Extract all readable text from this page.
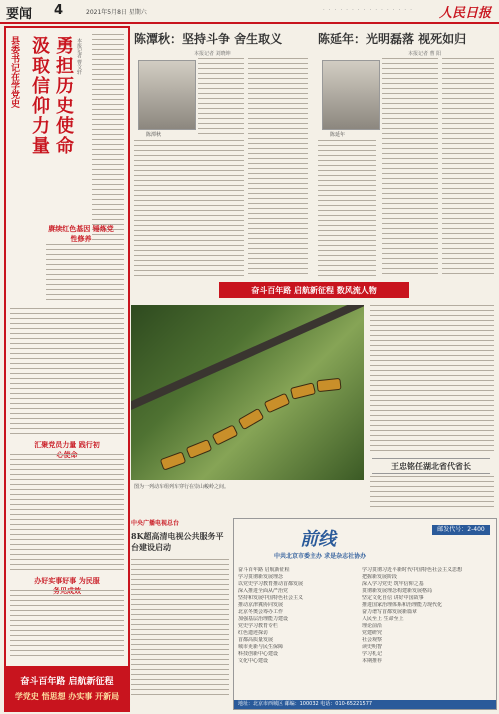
要闻 4	2021年5月8日 星期六	· · · · · · · · · · · · · · · · 人民日报
县委书记在学党史 汲取信仰力量 勇担历史使命 本报记者 曹文轩
赓续红色基因 锤炼党性修养
汇聚党员力量 践行初
办好实事好事 为民服
奋斗百年路 启航新征程
学党史 悟思想 办实事 开新局
陈潭秋：坚持斗争 舍生取义
本报记者 刘晓坤
陈潭秋
陈延年：光明磊落 视死如归
本报记者 曹 阳
陈延年
奋斗百年路 启航新征程 数风流人物
图为一列动车组列车穿行在崇山峻岭之间。
王忠铭任湖北省代省长
中央广播电视总台
8K超高清电视公共服务平台建设启动	前线	邮发代号：2-400
中共北京市委主办 求是杂志社协办
奋斗百年路 启航新征程
学习贯彻新发展理念
以党史学习教育推动首都发展
深入推进全面从严治党
坚持和发展中国特色社会主义
推动京津冀协同发展
北京冬奥会筹办工作
加强基层治理能力建设
党史学习教育专栏
红色遗迹探访
首都高质量发展
城市更新与民生保障
科技创新中心建设
文化中心建设
学习贯彻习近平新时代中国特色社会主义思想
把握新发展阶段
深入学习党史 筑牢信仰之基
贯彻新发展理念构建新发展格局
坚定文化自信 讲好中国故事
推进国家治理体系和治理能力现代化
奋力谱写首都发展新篇章
人民至上 生命至上
理论前沿
党建研究
社会观察
读史明智
学习札记
本期推荐
地址：北京市西城区 邮编：100032 电话：010-65221577
